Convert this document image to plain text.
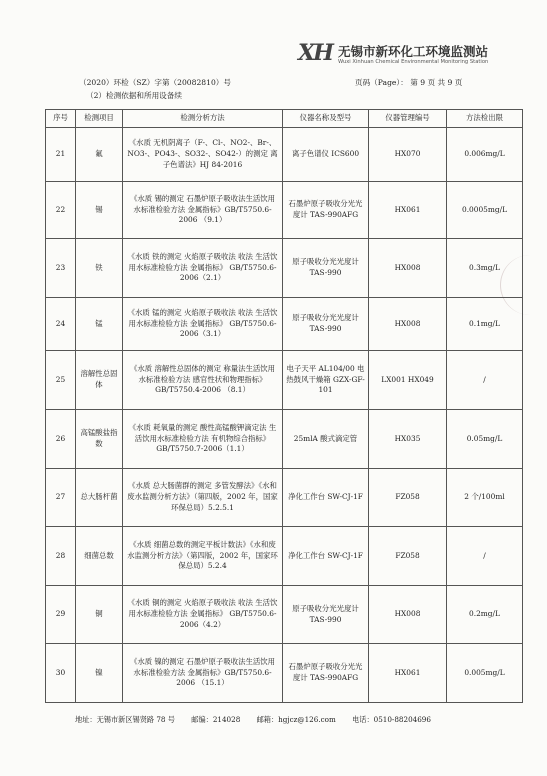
XH 无锡市新环化工环境监测站
Wuxi Xinhuan Chemical Environmental Monitoring Station
（2020）环检（SZ）字第（20082810）号	页码（Page）： 第 9 页 共 9 页
（2）检测依据和所用设备续
序号	检测项目	检测分析方法	仪器名称及型号	仪器管理编号	方法检出限
21	氟	《水质 无机阴离子（F-、Cl-、NO2-、Br-、NO3-、PO43-、SO32-、SO42-）的测定 离子色谱法》HJ 84-2016	离子色谱仪 ICS600	HX070	0.006mg/L
22	锡	《水质 锡的测定 石墨炉原子吸收法生活饮用水标准检验方法 金属指标》GB/T5750.6-2006 （9.1）	石墨炉原子吸收分光光度计 TAS-990AFG	HX061	0.0005mg/L
23	铁	《水质 铁的测定 火焰原子吸收法 收法 生活饮用水标准检验方法 金属指标》 GB/T5750.6-2006（2.1）	原子吸收分光光度计 TAS-990	HX008	0.3mg/L
24	锰	《水质 锰的测定 火焰原子吸收法 收法 生活饮用水标准检验方法 金属指标》 GB/T5750.6-2006（3.1）	原子吸收分光光度计 TAS-990	HX008	0.1mg/L
25	溶解性总固体	《水质 溶解性总固体的测定 称量法生活饮用水标准检验方法 感官性状和物理指标》GB/T5750.4-2006 （8.1）	电子天平 AL104/00 电热鼓风干燥箱 GZX-GF-101	LX001 HX049	/
26	高锰酸盐指数	《水质 耗氧量的测定 酸性高锰酸钾滴定法 生活饮用水标准检验方法 有机物综合指标》GB/T5750.7-2006（1.1）	25mlA 酸式滴定管	HX035	0.05mg/L
27	总大肠杆菌	《水质 总大肠菌群的测定 多管发酵法》《水和废水监测分析方法》（第四版，2002 年，国家环保总局）5.2.5.1	净化工作台 SW-CJ-1F	FZ058	2 个/100ml
28	细菌总数	《水质 细菌总数的测定平板计数法》《水和废水监测分析方法》（第四版，2002 年，国家环保总局）5.2.4	净化工作台 SW-CJ-1F	FZ058	/
29	铜	《水质 铜的测定 火焰原子吸收法 收法 生活饮用水标准检验方法 金属指标》 GB/T5750.6-2006（4.2）	原子吸收分光光度计 TAS-990	HX008	0.2mg/L
30	镍	《水质 镍的测定 石墨炉原子吸收法生活饮用水标准检验方法 金属指标》GB/T5750.6-2006 （15.1）	石墨炉原子吸收分光光度计 TAS-990AFG	HX061	0.005mg/L
地址：无锡市新区锡贤路 78 号 邮编：214028 邮箱：hgjcz@126.com 电话：0510-88204696
